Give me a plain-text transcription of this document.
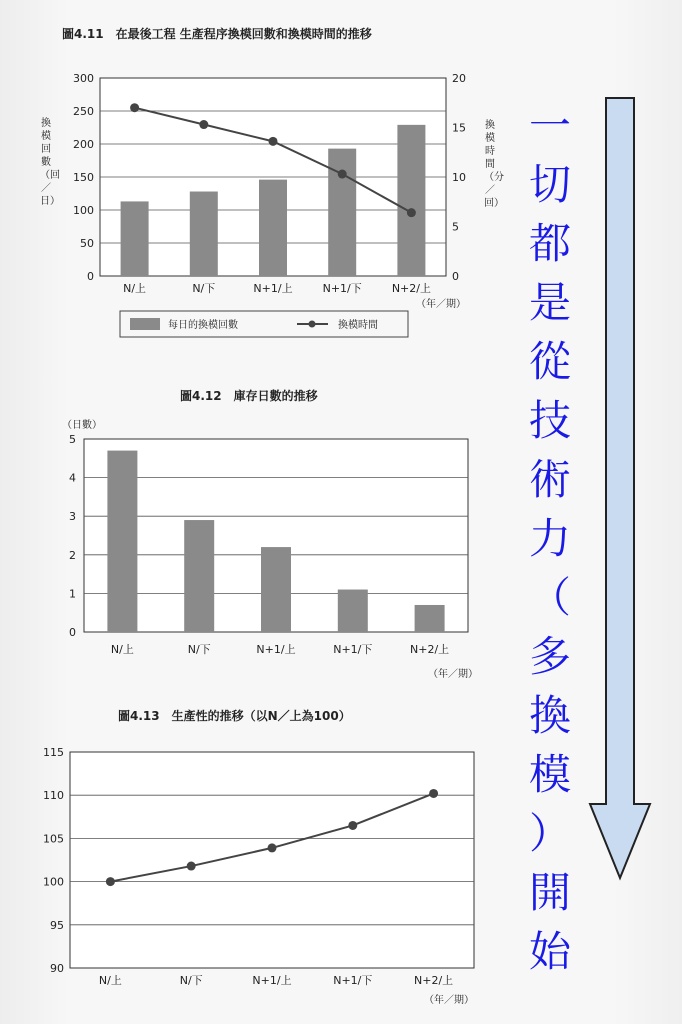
圖4.11　在最後工程 生產程序換模回數和換模時間的推移
300
250
200
150
100
50
0
20
15
10
5
0
N/上	N/下	N+1/上	N+1/下	N+2/上
（年／期）
每日的換模回數	換模時間
換模回數（回／日）
換模時間（分／回）
圖4.12　庫存日數的推移
（日數）
5
4
3
2
1
0
N/上	N/下	N+1/上	N+1/下	N+2/上
（年／期）
圖4.13　生產性的推移（以N／上為100）
115
110
105
100
95
90
N/上	N/下	N+1/上	N+1/下	N+2/上
（年／期）
一
切
都
是
從
技
術
力
（
多
換
模
）
開
始
